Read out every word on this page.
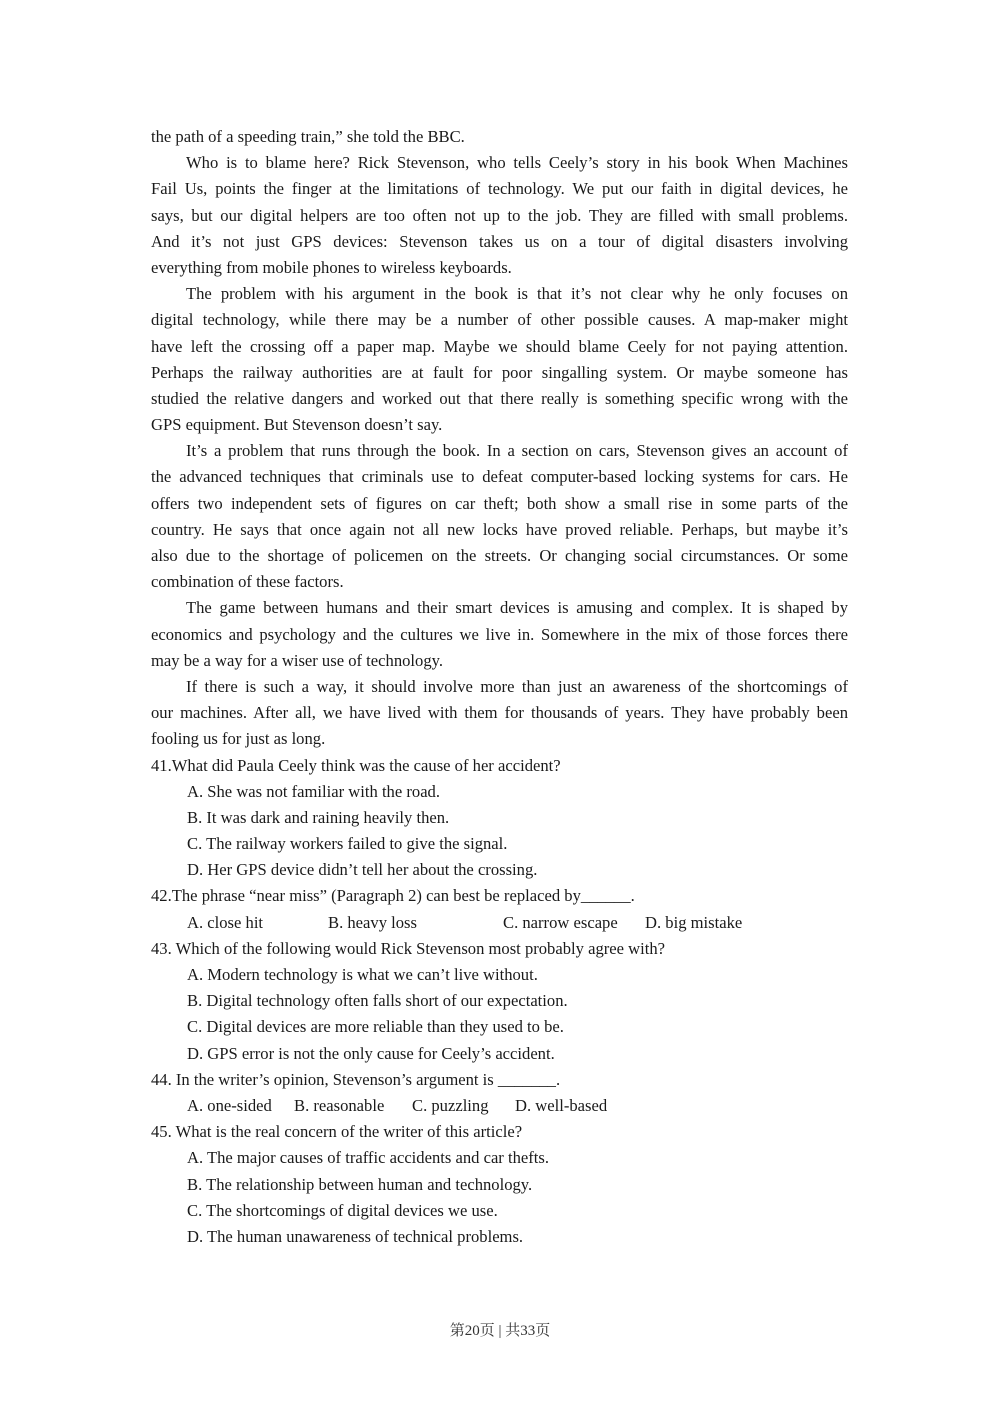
the path of a speeding train,” she told the BBC.
Who is to blame here? Rick Stevenson, who tells Ceely’s story in his book When Machines
Fail Us, points the finger at the limitations of technology. We put our faith in digital devices, he
says, but our digital helpers are too often not up to the job. They are filled with small problems.
And it’s not just GPS devices: Stevenson takes us on a tour of digital disasters involving
everything from mobile phones to wireless keyboards.
The problem with his argument in the book is that it’s not clear why he only focuses on
digital technology, while there may be a number of other possible causes. A map-maker might
have left the crossing off a paper map. Maybe we should blame Ceely for not paying attention.
Perhaps the railway authorities are at fault for poor singalling system. Or maybe someone has
studied the relative dangers and worked out that there really is something specific wrong with the
GPS equipment. But Stevenson doesn’t say.
It’s a problem that runs through the book. In a section on cars, Stevenson gives an account of
the advanced techniques that criminals use to defeat computer-based locking systems for cars. He
offers two independent sets of figures on car theft; both show a small rise in some parts of the
country. He says that once again not all new locks have proved reliable. Perhaps, but maybe it’s
also due to the shortage of policemen on the streets. Or changing social circumstances. Or some
combination of these factors.
The game between humans and their smart devices is amusing and complex. It is shaped by
economics and psychology and the cultures we live in. Somewhere in the mix of those forces there
may be a way for a wiser use of technology.
If there is such a way, it should involve more than just an awareness of the shortcomings of
our machines. After all, we have lived with them for thousands of years. They have probably been
fooling us for just as long.
41.What did Paula Ceely think was the cause of her accident?
A. She was not familiar with the road.
B. It was dark and raining heavily then.
C. The railway workers failed to give the signal.
D. Her GPS device didn’t tell her about the crossing.
42.The phrase “near miss” (Paragraph 2) can best be replaced by______.
A. close hit	B. heavy loss	C. narrow escape	D. big mistake
43. Which of the following would Rick Stevenson most probably agree with?
A. Modern technology is what we can’t live without.
B. Digital technology often falls short of our expectation.
C. Digital devices are more reliable than they used to be.
D. GPS error is not the only cause for Ceely’s accident.
44. In the writer’s opinion, Stevenson’s argument is _______.
A. one-sided	B. reasonable	C. puzzling	D. well-based
45. What is the real concern of the writer of this article?
A. The major causes of traffic accidents and car thefts.
B. The relationship between human and technology.
C. The shortcomings of digital devices we use.
D. The human unawareness of technical problems.
第20页 | 共33页
